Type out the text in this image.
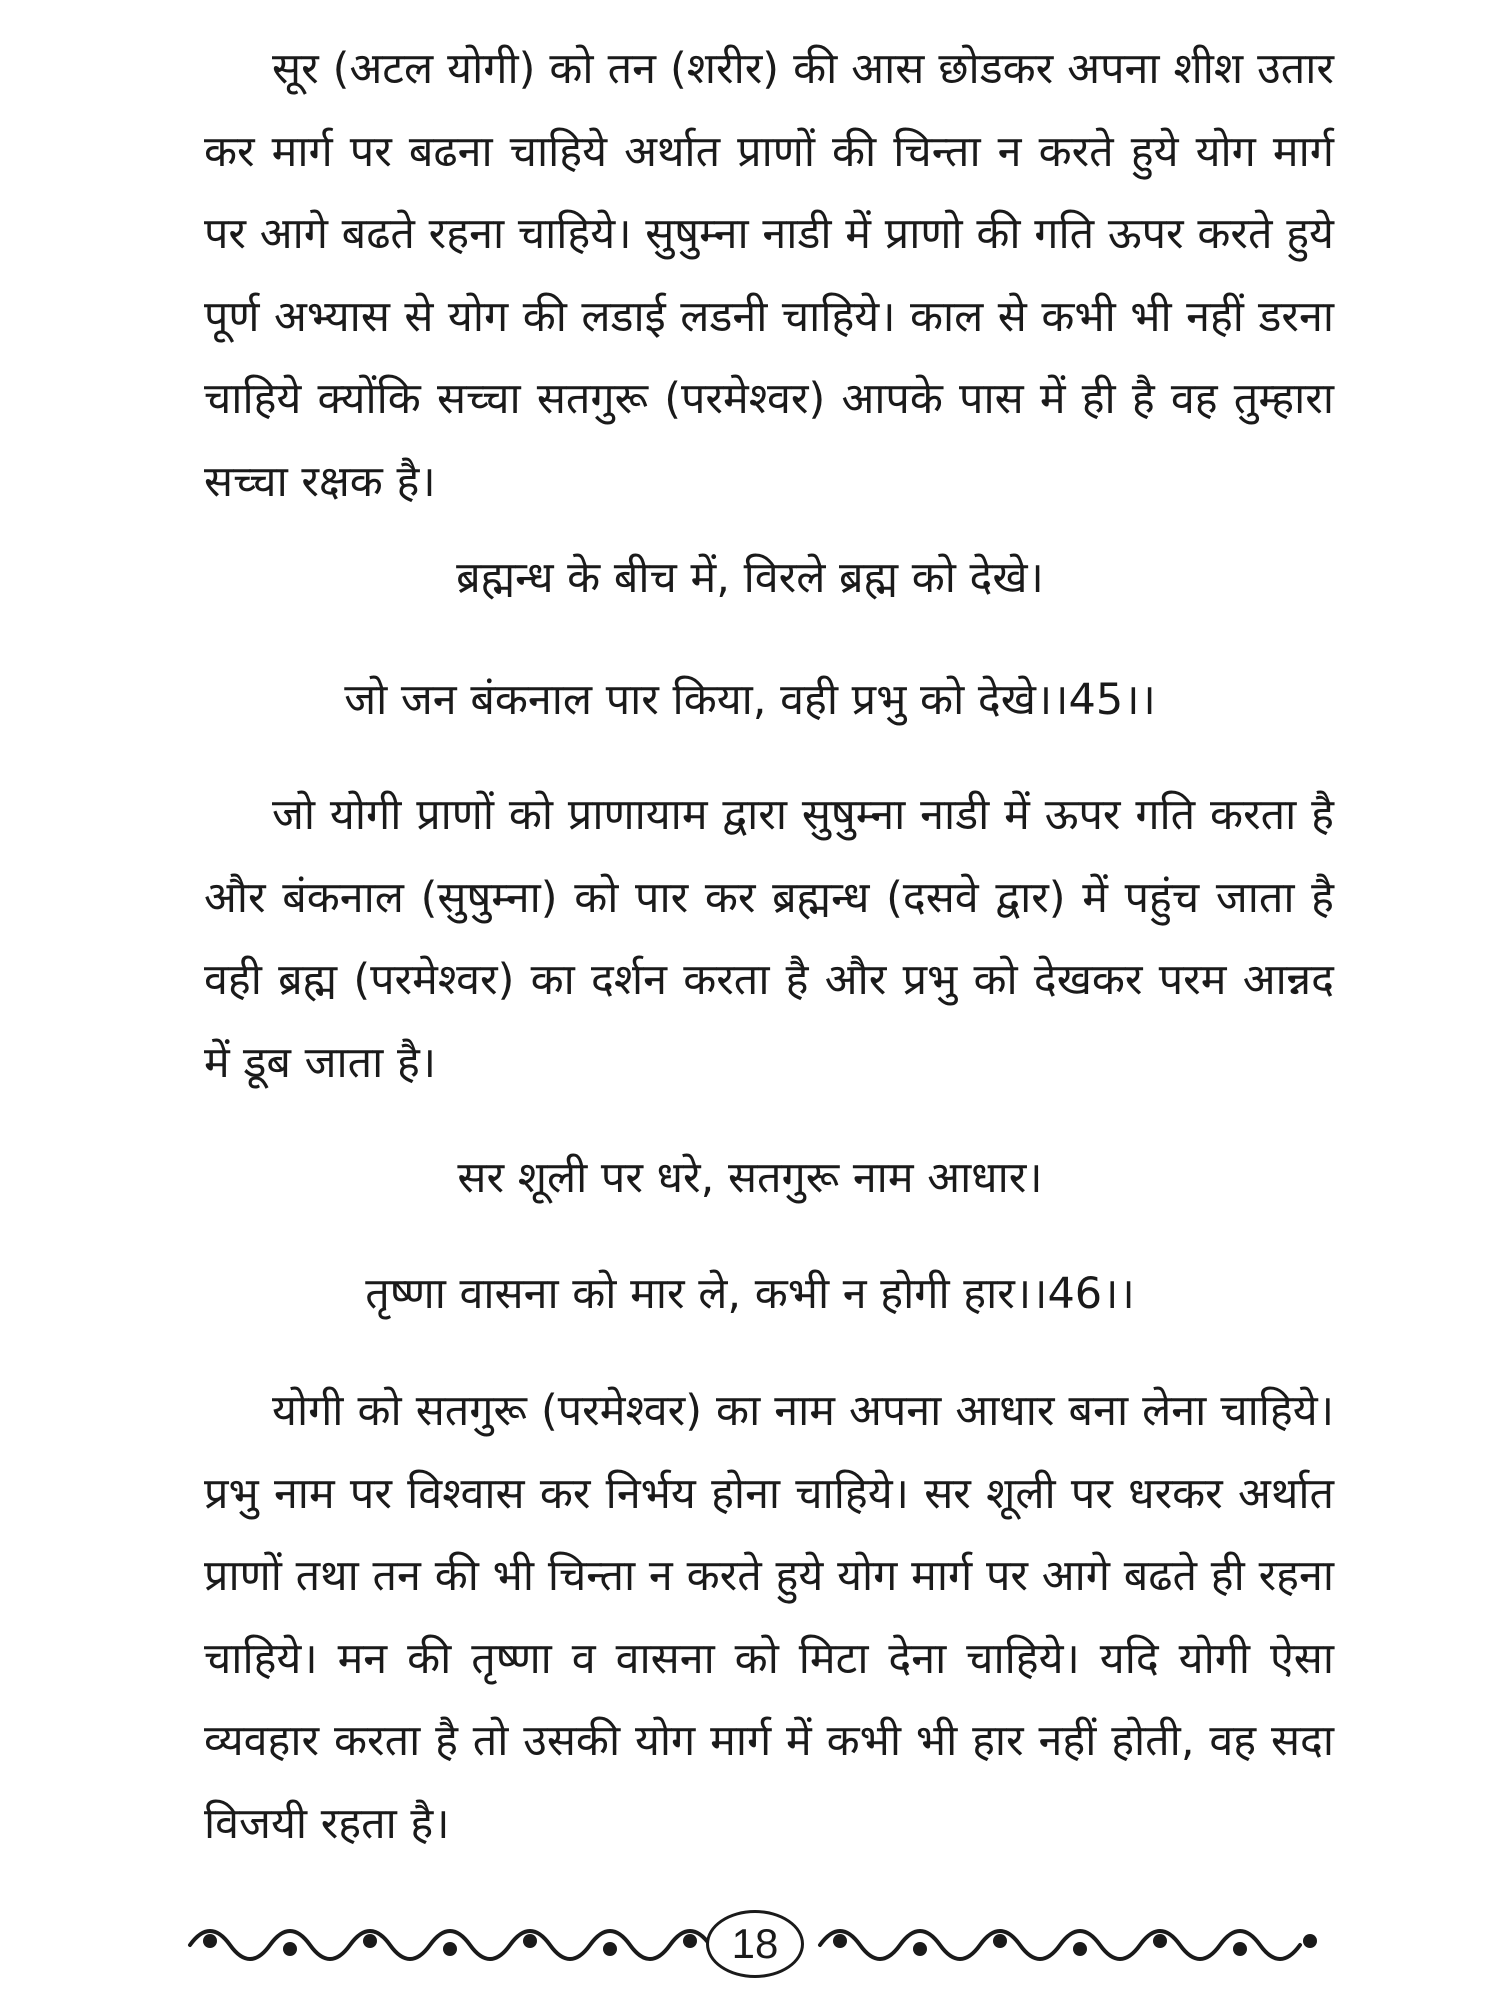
सूर (अटल योगी) को तन (शरीर) की आस छोडकर अपना शीश उतार कर मार्ग पर बढना चाहिये अर्थात प्राणों की चिन्ता न करते हुये योग मार्ग पर आगे बढते रहना चाहिये। सुषुम्ना नाडी में प्राणो की गति ऊपर करते हुये पूर्ण अभ्यास से योग की लडाई लडनी चाहिये। काल से कभी भी नहीं डरना चाहिये क्योंकि सच्चा सतगुरू (परमेश्वर) आपके पास में ही है वह तुम्हारा सच्चा रक्षक है।

ब्रह्मन्ध के बीच में, विरले ब्रह्म को देखे।

जो जन बंकनाल पार किया, वही प्रभु को देखे।।45।।

जो योगी प्राणों को प्राणायाम द्वारा सुषुम्ना नाडी में ऊपर गति करता है और बंकनाल (सुषुम्ना) को पार कर ब्रह्मन्ध (दसवे द्वार) में पहुंच जाता है वही ब्रह्म (परमेश्वर) का दर्शन करता है और प्रभु को देखकर परम आन्नद में डूब जाता है।

सर शूली पर धरे, सतगुरू नाम आधार।

तृष्णा वासना को मार ले, कभी न होगी हार।।46।।

योगी को सतगुरू (परमेश्वर) का नाम अपना आधार बना लेना चाहिये। प्रभु नाम पर विश्वास कर निर्भय होना चाहिये। सर शूली पर धरकर अर्थात प्राणों तथा तन की भी चिन्ता न करते हुये योग मार्ग पर आगे बढते ही रहना चाहिये। मन की तृष्णा व वासना को मिटा देना चाहिये। यदि योगी ऐसा व्यवहार करता है तो उसकी योग मार्ग में कभी भी हार नहीं होती, वह सदा विजयी रहता है।

18
